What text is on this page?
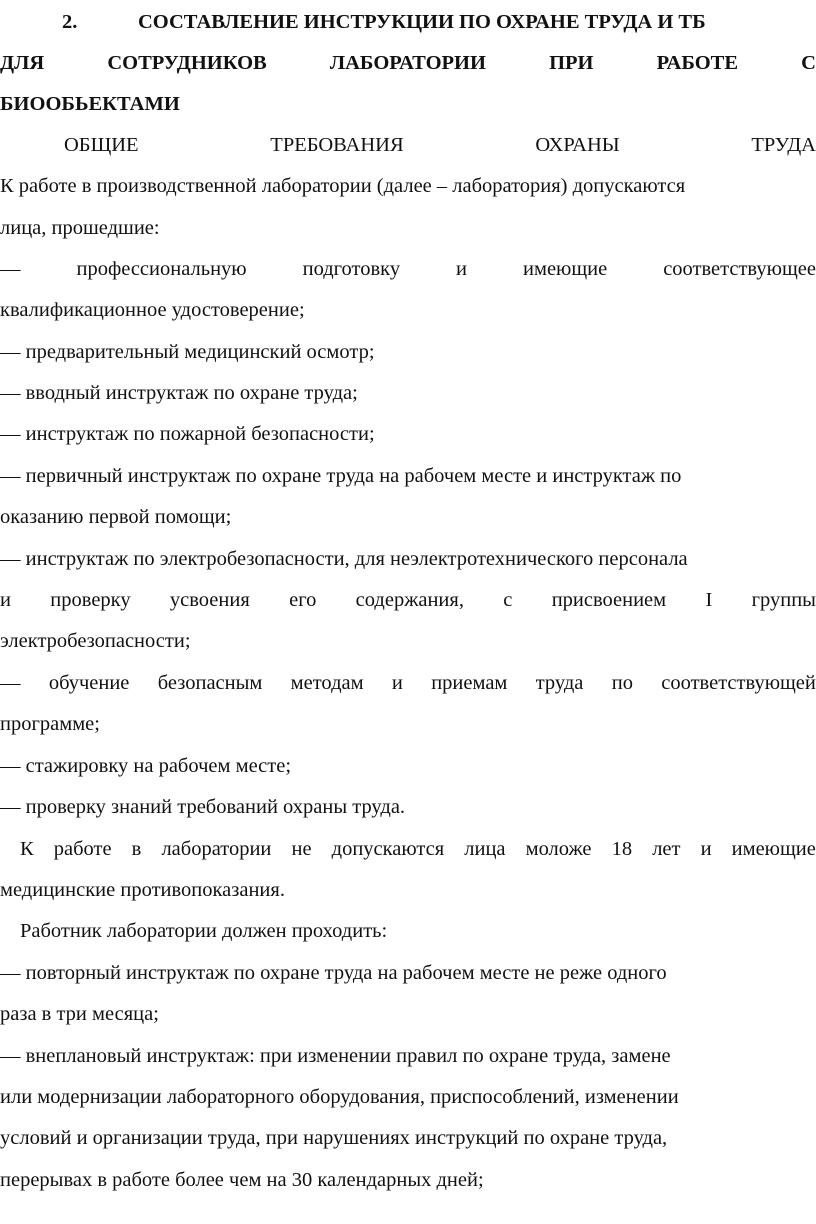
2.	СОСТАВЛЕНИЕ ИНСТРУКЦИИ ПО ОХРАНЕ ТРУДА И ТБ
ДЛЯ	СОТРУДНИКОВ	ЛАБОРАТОРИИ	ПРИ	РАБОТЕ	С
БИООБЬЕКТАМИ
ОБЩИЕ	ТРЕБОВАНИЯ	ОХРАНЫ	ТРУДА
К работе в производственной лаборатории (далее – лаборатория) допускаются
лица, прошедшие:
—	профессиональную	подготовку	и	имеющие	соответствующее
квалификационное удостоверение;
— предварительный медицинский осмотр;
— вводный инструктаж по охране труда;
— инструктаж по пожарной безопасности;
— первичный инструктаж по охране труда на рабочем месте и инструктаж по
оказанию первой помощи;
— инструктаж по электробезопасности, для неэлектротехнического персонала
и проверку усвоения его содержания, с присвоением I группы
электробезопасности;
— обучение безопасным методам и приемам труда по соответствующей
программе;
— стажировку на рабочем месте;
— проверку знаний требований охраны труда.
К работе в лаборатории не допускаются лица моложе 18 лет и имеющие
медицинские противопоказания.
Работник лаборатории должен проходить:
— повторный инструктаж по охране труда на рабочем месте не реже одного
раза в три месяца;
— внеплановый инструктаж: при изменении правил по охране труда, замене
или модернизации лабораторного оборудования, приспособлений, изменении
условий и организации труда, при нарушениях инструкций по охране труда,
перерывах в работе более чем на 30 календарных дней;
